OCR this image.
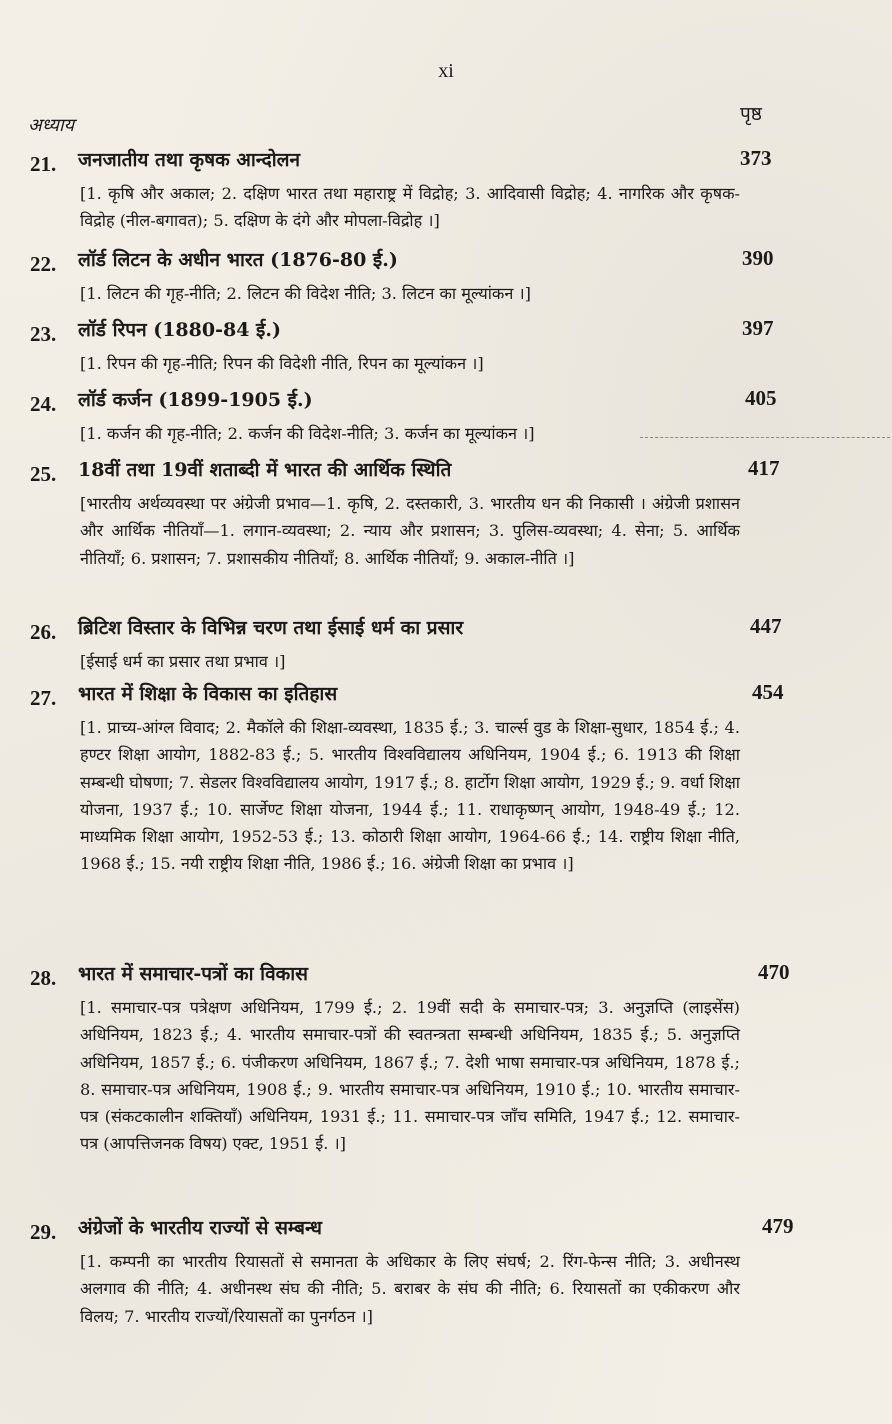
xi
अध्याय
पृष्ठ
21. जनजातीय तथा कृषक आन्दोलन	373
[1. कृषि और अकाल; 2. दक्षिण भारत तथा महाराष्ट्र में विद्रोह; 3. आदिवासी विद्रोह; 4. नागरिक और कृषक-विद्रोह (नील-बगावत); 5. दक्षिण के दंगे और मोपला-विद्रोह ।]
22. लॉर्ड लिटन के अधीन भारत (1876-80 ई.)	390
[1. लिटन की गृह-नीति; 2. लिटन की विदेश नीति; 3. लिटन का मूल्यांकन ।]
23. लॉर्ड रिपन (1880-84 ई.)	397
[1. रिपन की गृह-नीति; रिपन की विदेशी नीति, रिपन का मूल्यांकन ।]
24. लॉर्ड कर्जन (1899-1905 ई.)	405
[1. कर्जन की गृह-नीति; 2. कर्जन की विदेश-नीति; 3. कर्जन का मूल्यांकन ।]
25. 18वीं तथा 19वीं शताब्दी में भारत की आर्थिक स्थिति	417
[भारतीय अर्थव्यवस्था पर अंग्रेजी प्रभाव—1. कृषि, 2. दस्तकारी, 3. भारतीय धन की निकासी । अंग्रेजी प्रशासन और आर्थिक नीतियाँ—1. लगान-व्यवस्था; 2. न्याय और प्रशासन; 3. पुलिस-व्यवस्था; 4. सेना; 5. आर्थिक नीतियाँ; 6. प्रशासन; 7. प्रशासकीय नीतियाँ; 8. आर्थिक नीतियाँ; 9. अकाल-नीति ।]
26. ब्रिटिश विस्तार के विभिन्न चरण तथा ईसाई धर्म का प्रसार	447
[ईसाई धर्म का प्रसार तथा प्रभाव ।]
27. भारत में शिक्षा के विकास का इतिहास	454
[1. प्राच्य-आंग्ल विवाद; 2. मैकॉले की शिक्षा-व्यवस्था, 1835 ई.; 3. चार्ल्स वुड के शिक्षा-सुधार, 1854 ई.; 4. हण्टर शिक्षा आयोग, 1882-83 ई.; 5. भारतीय विश्वविद्यालय अधिनियम, 1904 ई.; 6. 1913 की शिक्षा सम्बन्धी घोषणा; 7. सेडलर विश्वविद्यालय आयोग, 1917 ई.; 8. हार्टोग शिक्षा आयोग, 1929 ई.; 9. वर्धा शिक्षा योजना, 1937 ई.; 10. सार्जेण्ट शिक्षा योजना, 1944 ई.; 11. राधाकृष्णन् आयोग, 1948-49 ई.; 12. माध्यमिक शिक्षा आयोग, 1952-53 ई.; 13. कोठारी शिक्षा आयोग, 1964-66 ई.; 14. राष्ट्रीय शिक्षा नीति, 1968 ई.; 15. नयी राष्ट्रीय शिक्षा नीति, 1986 ई.; 16. अंग्रेजी शिक्षा का प्रभाव ।]
28. भारत में समाचार-पत्रों का विकास	470
[1. समाचार-पत्र पत्रेक्षण अधिनियम, 1799 ई.; 2. 19वीं सदी के समाचार-पत्र; 3. अनुज्ञप्ति (लाइसेंस) अधिनियम, 1823 ई.; 4. भारतीय समाचार-पत्रों की स्वतन्त्रता सम्बन्धी अधिनियम, 1835 ई.; 5. अनुज्ञप्ति अधिनियम, 1857 ई.; 6. पंजीकरण अधिनियम, 1867 ई.; 7. देशी भाषा समाचार-पत्र अधिनियम, 1878 ई.; 8. समाचार-पत्र अधिनियम, 1908 ई.; 9. भारतीय समाचार-पत्र अधिनियम, 1910 ई.; 10. भारतीय समाचार-पत्र (संकटकालीन शक्तियाँ) अधिनियम, 1931 ई.; 11. समाचार-पत्र जाँच समिति, 1947 ई.; 12. समाचार-पत्र (आपत्तिजनक विषय) एक्ट, 1951 ई. ।]
29. अंग्रेजों के भारतीय राज्यों से सम्बन्ध	479
[1. कम्पनी का भारतीय रियासतों से समानता के अधिकार के लिए संघर्ष; 2. रिंग-फेन्स नीति; 3. अधीनस्थ अलगाव की नीति; 4. अधीनस्थ संघ की नीति; 5. बराबर के संघ की नीति; 6. रियासतों का एकीकरण और विलय; 7. भारतीय राज्यों/रियासतों का पुनर्गठन ।]
